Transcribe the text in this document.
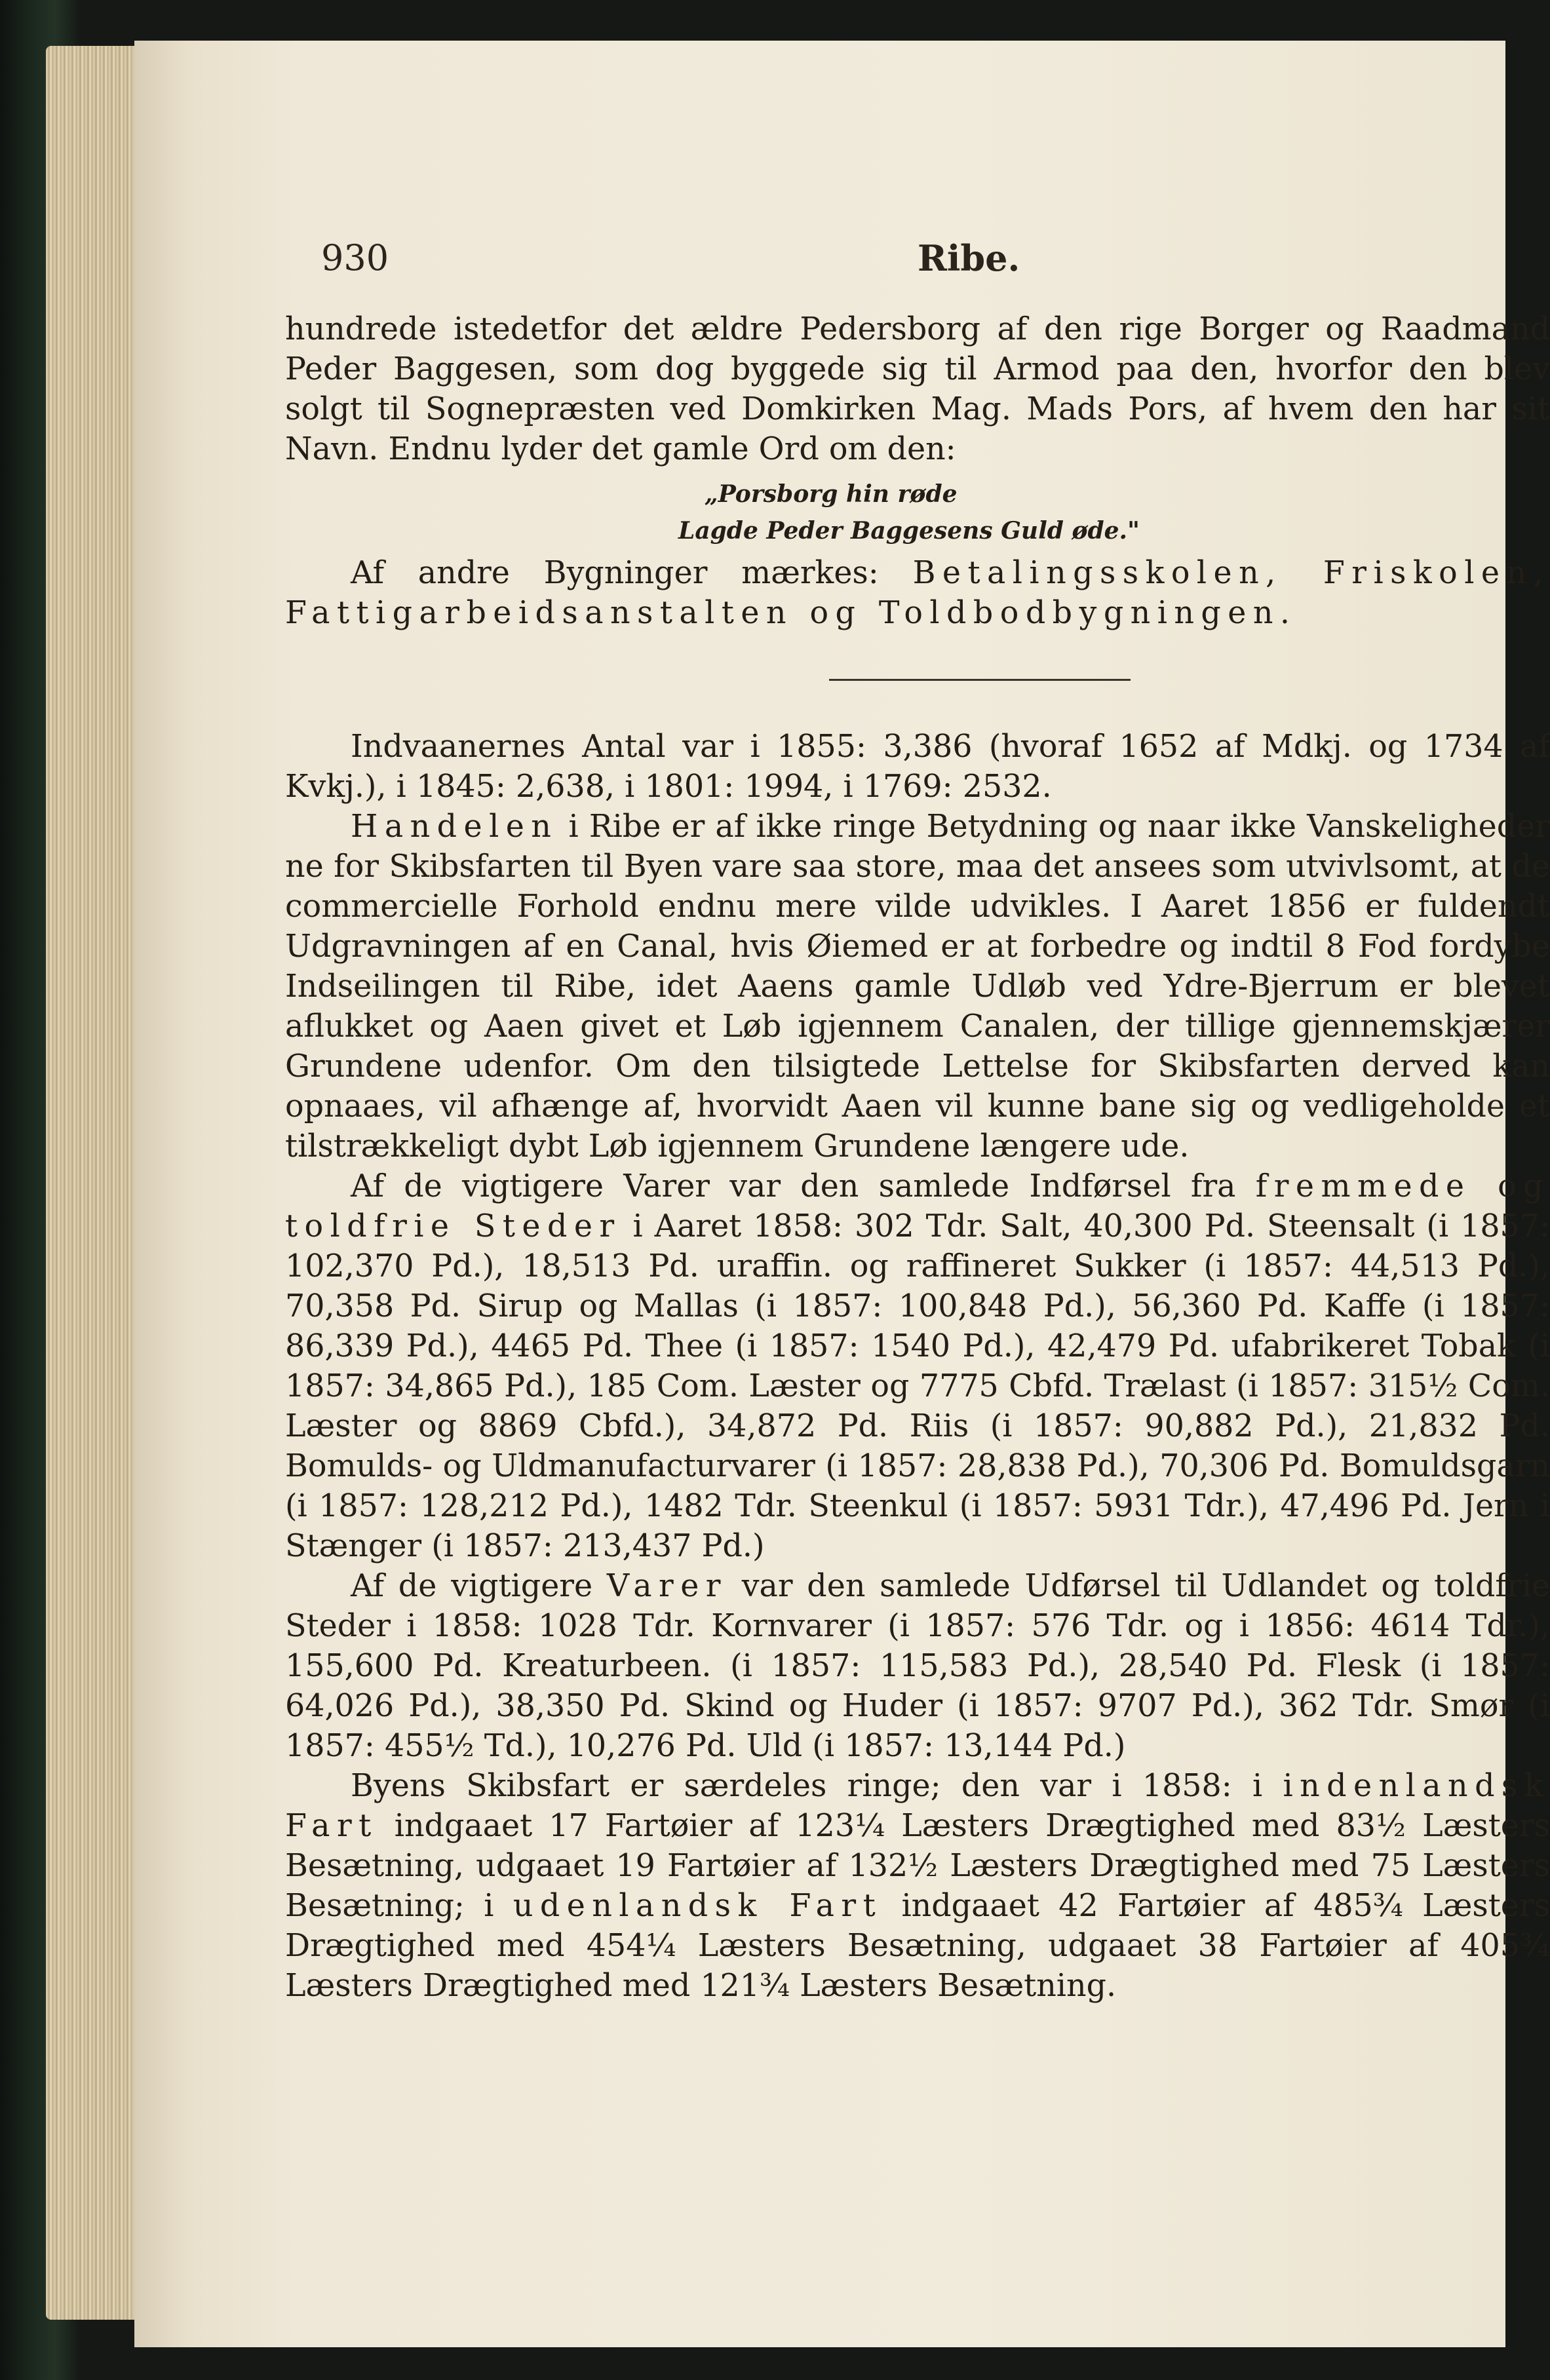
930	Ribe.

hundrede istedetfor det ældre Pedersborg af den rige Borger og Raadmand Peder Baggesen, som dog byggede sig til Armod paa den, hvorfor den blev solgt til Sognepræsten ved Domkirken Mag. Mads Pors, af hvem den har sit Navn. Endnu lyder det gamle Ord om den:

„Porsborg hin røde
Lagde Peder Baggesens Guld øde."

Af andre Bygninger mærkes: Betalingsskolen, Friskolen, Fattigarbeidsanstalten og Toldbodbygningen.

Indvaanernes Antal var i 1855: 3,386 (hvoraf 1652 af Mdkj. og 1734 af Kvkj.), i 1845: 2,638, i 1801: 1994, i 1769: 2532.

Handelen i Ribe er af ikke ringe Betydning og naar ikke Vanskeligheder ne for Skibsfarten til Byen vare saa store, maa det ansees som utvivlsomt, at de commercielle Forhold endnu mere vilde udvikles. I Aaret 1856 er fuldendt Udgravningen af en Canal, hvis Øiemed er at forbedre og indtil 8 Fod fordybe Indseilingen til Ribe, idet Aaens gamle Udløb ved Ydre-Bjerrum er blevet aflukket og Aaen givet et Løb igjennem Canalen, der tillige gjennemskjærer Grundene udenfor. Om den tilsigtede Lettelse for Skibsfarten derved kan opnaaes, vil afhænge af, hvorvidt Aaen vil kunne bane sig og vedligeholde et tilstrækkeligt dybt Løb igjennem Grundene længere ude.

Af de vigtigere Varer var den samlede Indførsel fra fremmede og toldfrie Steder i Aaret 1858: 302 Tdr. Salt, 40,300 Pd. Steensalt (i 1857: 102,370 Pd.), 18,513 Pd. uraffin. og raffineret Sukker (i 1857: 44,513 Pd.), 70,358 Pd. Sirup og Mallas (i 1857: 100,848 Pd.), 56,360 Pd. Kaffe (i 1857: 86,339 Pd.), 4465 Pd. Thee (i 1857: 1540 Pd.), 42,479 Pd. ufabrikeret Tobak (i 1857: 34,865 Pd.), 185 Com. Læster og 7775 Cbfd. Trælast (i 1857: 315½ Com. Læster og 8869 Cbfd.), 34,872 Pd. Riis (i 1857: 90,882 Pd.), 21,832 Pd. Bomulds- og Uldmanufacturvarer (i 1857: 28,838 Pd.), 70,306 Pd. Bomuldsgarn (i 1857: 128,212 Pd.), 1482 Tdr. Steenkul (i 1857: 5931 Tdr.), 47,496 Pd. Jern i Stænger (i 1857: 213,437 Pd.)

Af de vigtigere Varer var den samlede Udførsel til Udlandet og toldfrie Steder i 1858: 1028 Tdr. Kornvarer (i 1857: 576 Tdr. og i 1856: 4614 Tdr.), 155,600 Pd. Kreaturbeen. (i 1857: 115,583 Pd.), 28,540 Pd. Flesk (i 1857: 64,026 Pd.), 38,350 Pd. Skind og Huder (i 1857: 9707 Pd.), 362 Tdr. Smør (i 1857: 455½ Td.), 10,276 Pd. Uld (i 1857: 13,144 Pd.)

Byens Skibsfart er særdeles ringe; den var i 1858: i indenlandsk Fart indgaaet 17 Fartøier af 123¼ Læsters Drægtighed med 83½ Læsters Besætning, udgaaet 19 Fartøier af 132½ Læsters Drægtighed med 75 Læsters Besætning; i udenlandsk Fart indgaaet 42 Fartøier af 485¾ Læsters Drægtighed med 454¼ Læsters Besætning, udgaaet 38 Fartøier af 405¾ Læsters Drægtighed med 121¾ Læsters Besætning.
